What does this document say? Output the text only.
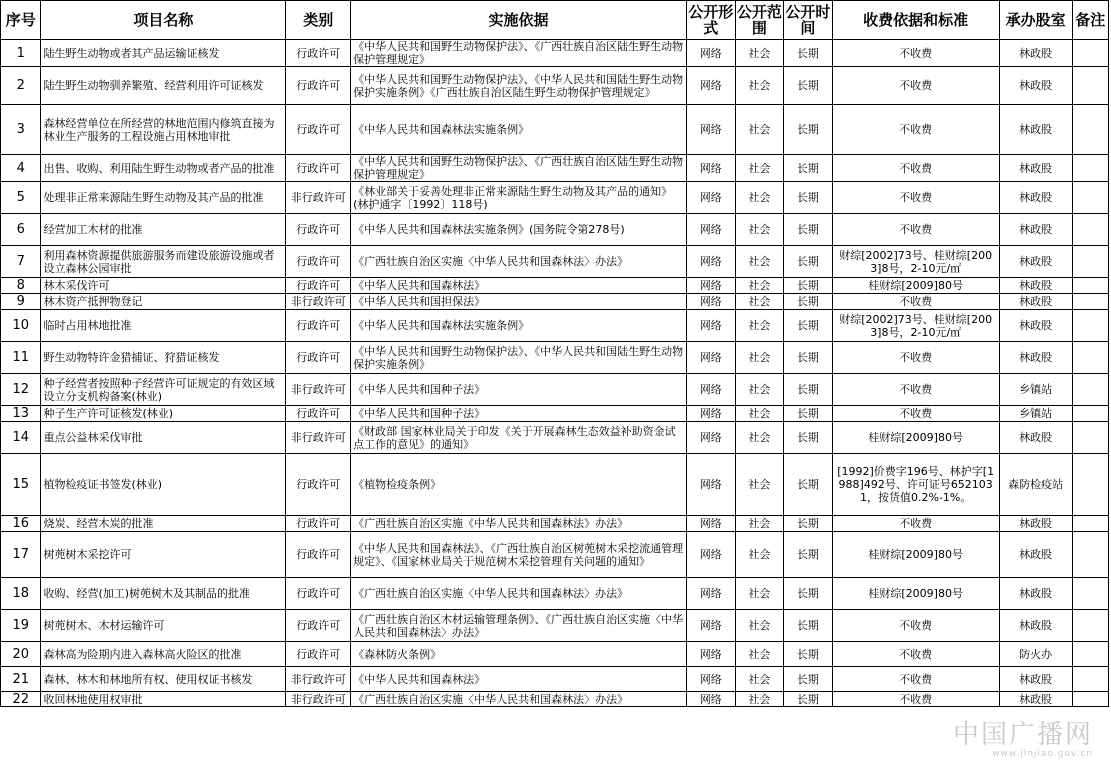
序号	项目名称	类别	实施依据	公开形式	公开范围	公开时间	收费依据和标准	承办股室	备注
1	陆生野生动物或者其产品运输证核发	行政许可	《中华人民共和国野生动物保护法》、《广西壮族自治区陆生野生动物保护管理规定》	网络	社会	长期	不收费	林政股	
2	陆生野生动物驯养繁殖、经营利用许可证核发	行政许可	《中华人民共和国野生动物保护法》、《中华人民共和国陆生野生动物保护实施条例》《广西壮族自治区陆生野生动物保护管理规定》	网络	社会	长期	不收费	林政股	
3	森林经营单位在所经营的林地范围内修筑直接为林业生产服务的工程设施占用林地审批	行政许可	《中华人民共和国森林法实施条例》	网络	社会	长期	不收费	林政股	
4	出售、收购、利用陆生野生动物或者产品的批准	行政许可	《中华人民共和国野生动物保护法》、《广西壮族自治区陆生野生动物保护管理规定》	网络	社会	长期	不收费	林政股	
5	处理非正常来源陆生野生动物及其产品的批准	非行政许可	《林业部关于妥善处理非正常来源陆生野生动物及其产品的通知》(林护通字〔1992〕118号)	网络	社会	长期	不收费	林政股	
6	经营加工木材的批准	行政许可	《中华人民共和国森林法实施条例》(国务院令第278号)	网络	社会	长期	不收费	林政股	
7	利用森林资源提供旅游服务而建设旅游设施或者设立森林公园审批	行政许可	《广西壮族自治区实施〈中华人民共和国森林法〉办法》	网络	社会	长期	财综[2002]73号、桂财综[2003]8号，2-10元/㎡	林政股	
8	林木采伐许可	行政许可	《中华人民共和国森林法》	网络	社会	长期	桂财综[2009]80号	林政股	
9	林木资产抵押物登记	非行政许可	《中华人民共和国担保法》	网络	社会	长期	不收费	林政股	
10	临时占用林地批准	行政许可	《中华人民共和国森林法实施条例》	网络	社会	长期	财综[2002]73号、桂财综[2003]8号，2-10元/㎡	林政股	
11	野生动物特许金猎捕证、狩猎证核发	行政许可	《中华人民共和国野生动物保护法》、《中华人民共和国陆生野生动物保护实施条例》	网络	社会	长期	不收费	林政股	
12	种子经营者按照种子经营许可证规定的有效区域设立分支机构备案(林业)	非行政许可	《中华人民共和国种子法》	网络	社会	长期	不收费	乡镇站	
13	种子生产许可证核发(林业)	行政许可	《中华人民共和国种子法》	网络	社会	长期	不收费	乡镇站	
14	重点公益林采伐审批	非行政许可	《财政部 国家林业局关于印发《关于开展森林生态效益补助资金试点工作的意见》的通知》	网络	社会	长期	桂财综[2009]80号	林政股	
15	植物检疫证书签发(林业)	行政许可	《植物检疫条例》	网络	社会	长期	[1992]价费字196号、林护字[1988]492号、许可证号6521031，按货值0.2%-1%。	森防检疫站	
16	烧炭、经营木炭的批准	行政许可	《广西壮族自治区实施《中华人民共和国森林法》办法》	网络	社会	长期	不收费	林政股	
17	树蔸树木采挖许可	行政许可	《中华人民共和国森林法》、《广西壮族自治区树蔸树木采挖流通管理规定》、《国家林业局关于规范树木采挖管理有关问题的通知》	网络	社会	长期	桂财综[2009]80号	林政股	
18	收购、经营(加工)树蔸树木及其制品的批准	行政许可	《广西壮族自治区实施〈中华人民共和国森林法〉办法》	网络	社会	长期	桂财综[2009]80号	林政股	
19	树蔸树木、木材运输许可	行政许可	《广西壮族自治区木材运输管理条例》、《广西壮族自治区实施〈中华人民共和国森林法〉办法》	网络	社会	长期	不收费	林政股	
20	森林高为险期内进入森林高火险区的批准	行政许可	《森林防火条例》	网络	社会	长期	不收费	防火办	
21	森林、林木和林地所有权、使用权证书核发	非行政许可	《中华人民共和国森林法》	网络	社会	长期	不收费	林政股	
22	收回林地使用权审批	非行政许可	《广西壮族自治区实施〈中华人民共和国森林法〉办法》	网络	社会	长期	不收费	林政股	
中国广播网
www.jinjiao.gov.cn
